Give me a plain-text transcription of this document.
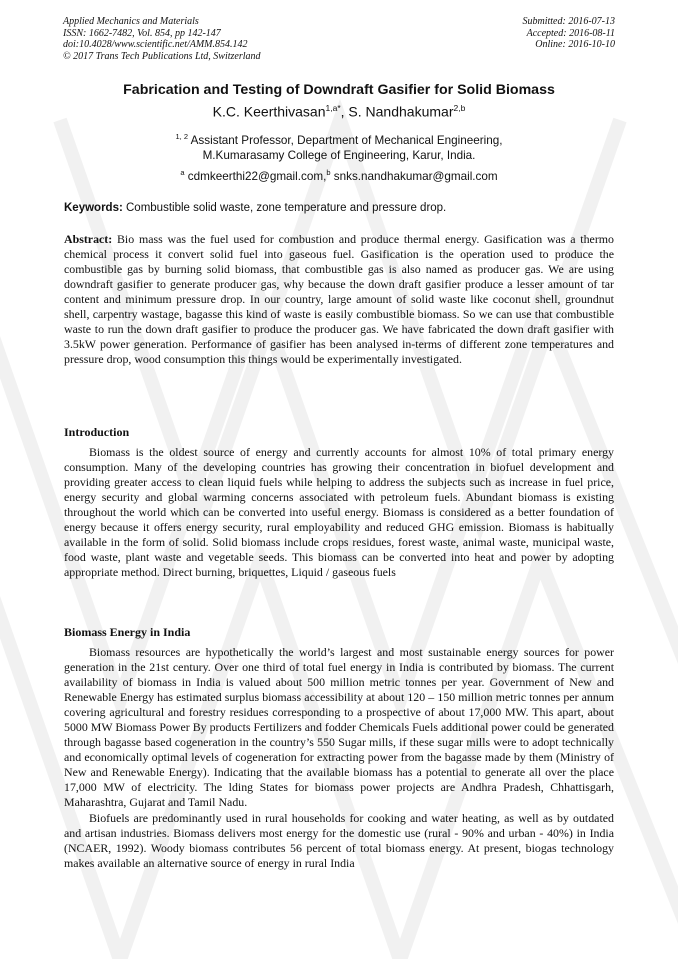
Applied Mechanics and Materials
ISSN: 1662-7482, Vol. 854, pp 142-147
doi:10.4028/www.scientific.net/AMM.854.142
© 2017 Trans Tech Publications Ltd, Switzerland
Submitted: 2016-07-13
Accepted: 2016-08-11
Online: 2016-10-10
Fabrication and Testing of Downdraft Gasifier for Solid Biomass
K.C. Keerthivasan$^{1,a*}$, S. Nandhakumar$^{2,b}$
$^{1, 2}$ Assistant Professor, Department of Mechanical Engineering,
M.Kumarasamy College of Engineering, Karur, India.
$^a$ cdmkeerthi22@gmail.com,$^b$ snks.nandhakumar@gmail.com
Keywords: Combustible solid waste, zone temperature and pressure drop.

Abstract: Bio mass was the fuel used for combustion and produce thermal energy. Gasification was a thermo chemical process it convert solid fuel into gaseous fuel. Gasification is the operation used to produce the combustible gas by burning solid biomass, that combustible gas is also named as producer gas. We are using downdraft gasifier to generate producer gas, why because the down draft gasifier produce a lesser amount of tar content and minimum pressure drop. In our country, large amount of solid waste like coconut shell, groundnut shell, carpentry wastage, bagasse this kind of waste is easily combustible biomass. So we can use that combustible waste to run the down draft gasifier to produce the producer gas. We have fabricated the down draft gasifier with 3.5kW power generation. Performance of gasifier has been analysed in-terms of different zone temperatures and pressure drop, wood consumption this things would be experimentally investigated.

Introduction

Biomass is the oldest source of energy and currently accounts for almost 10% of total primary energy consumption. Many of the developing countries has growing their concentration in biofuel development and providing greater access to clean liquid fuels while helping to address the subjects such as increase in fuel price, energy security and global warming concerns associated with petroleum fuels. Abundant biomass is existing throughout the world which can be converted into useful energy. Biomass is considered as a better foundation of energy because it offers energy security, rural employability and reduced GHG emission. Biomass is habitually available in the form of solid. Solid biomass include crops residues, forest waste, animal waste, municipal waste, food waste, plant waste and vegetable seeds. This biomass can be converted into heat and power by adopting appropriate method. Direct burning, briquettes, Liquid / gaseous fuels

Biomass Energy in India

Biomass resources are hypothetically the world’s largest and most sustainable energy sources for power generation in the 21st century. Over one third of total fuel energy in India is contributed by biomass. The current availability of biomass in India is valued about 500 million metric tonnes per year. Government of New and Renewable Energy has estimated surplus biomass accessibility at about 120 – 150 million metric tonnes per annum covering agricultural and forestry residues corresponding to a prospective of about 17,000 MW. This apart, about 5000 MW Biomass Power By products Fertilizers and fodder Chemicals Fuels additional power could be generated through bagasse based cogeneration in the country’s 550 Sugar mills, if these sugar mills were to adopt technically and economically optimal levels of cogeneration for extracting power from the bagasse made by them (Ministry of New and Renewable Energy). Indicating that the available biomass has a potential to generate all over the place 17,000 MW of electricity. The lding States for biomass power projects are Andhra Pradesh, Chhattisgarh, Maharashtra, Gujarat and Tamil Nadu.

Biofuels are predominantly used in rural households for cooking and water heating, as well as by outdated and artisan industries. Biomass delivers most energy for the domestic use (rural - 90% and urban - 40%) in India (NCAER, 1992). Woody biomass contributes 56 percent of total biomass energy. At present, biogas technology makes available an alternative source of energy in rural India
